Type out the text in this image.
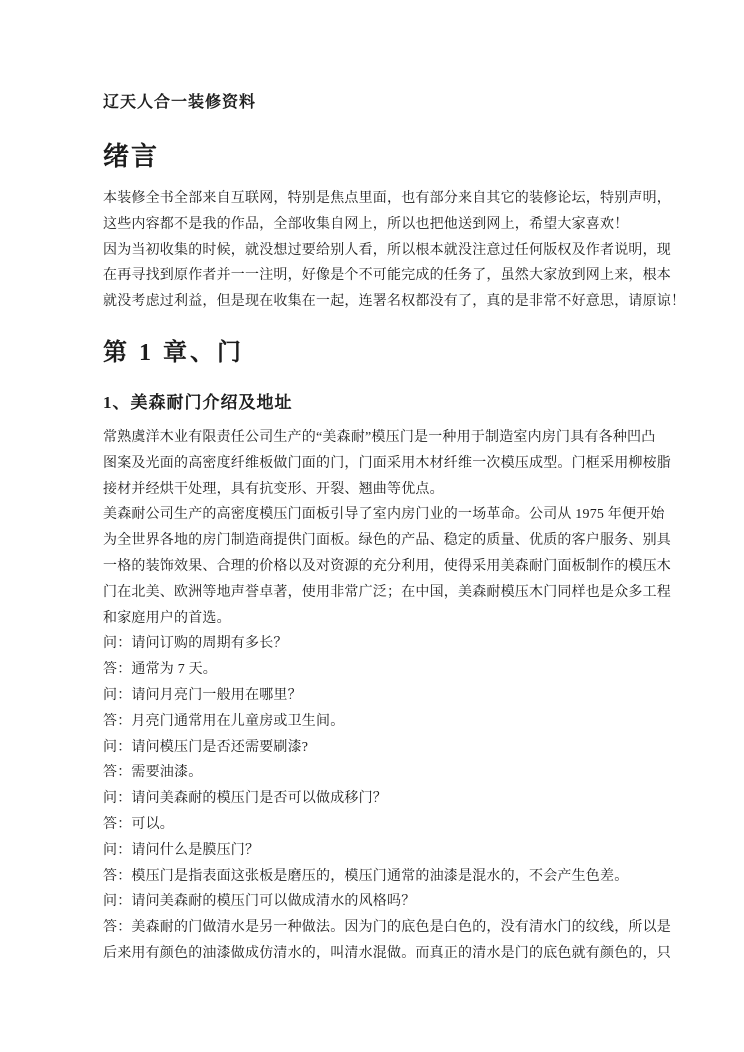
辽天人合一装修资料
绪言
本装修全书全部来自互联网，特别是焦点里面，也有部分来自其它的装修论坛，特别声明，
这些内容都不是我的作品，全部收集自网上，所以也把他送到网上，希望大家喜欢！
因为当初收集的时候，就没想过要给别人看，所以根本就没注意过任何版权及作者说明，现
在再寻找到原作者并一一注明，好像是个不可能完成的任务了，虽然大家放到网上来，根本
就没考虑过利益，但是现在收集在一起，连署名权都没有了，真的是非常不好意思，请原谅！
第 1 章、门
1、美森耐门介绍及地址
常熟虞洋木业有限责任公司生产的“美森耐”模压门是一种用于制造室内房门具有各种凹凸
图案及光面的高密度纤维板做门面的门，门面采用木材纤维一次模压成型。门框采用柳桉脂
接材并经烘干处理，具有抗变形、开裂、翘曲等优点。
美森耐公司生产的高密度模压门面板引导了室内房门业的一场革命。公司从 1975 年便开始
为全世界各地的房门制造商提供门面板。绿色的产品、稳定的质量、优质的客户服务、别具
一格的装饰效果、合理的价格以及对资源的充分利用，使得采用美森耐门面板制作的模压木
门在北美、欧洲等地声誉卓著，使用非常广泛；在中国，美森耐模压木门同样也是众多工程
和家庭用户的首选。
问：请问订购的周期有多长？
答：通常为 7 天。
问：请问月亮门一般用在哪里？
答：月亮门通常用在儿童房或卫生间。
问：请问模压门是否还需要刷漆?
答：需要油漆。
问：请问美森耐的模压门是否可以做成移门？
答：可以。
问：请问什么是膜压门？
答：模压门是指表面这张板是磨压的，模压门通常的油漆是混水的，不会产生色差。
问：请问美森耐的模压门可以做成清水的风格吗？
答：美森耐的门做清水是另一种做法。因为门的底色是白色的，没有清水门的纹线，所以是
后来用有颜色的油漆做成仿清水的，叫清水混做。而真正的清水是门的底色就有颜色的，只
